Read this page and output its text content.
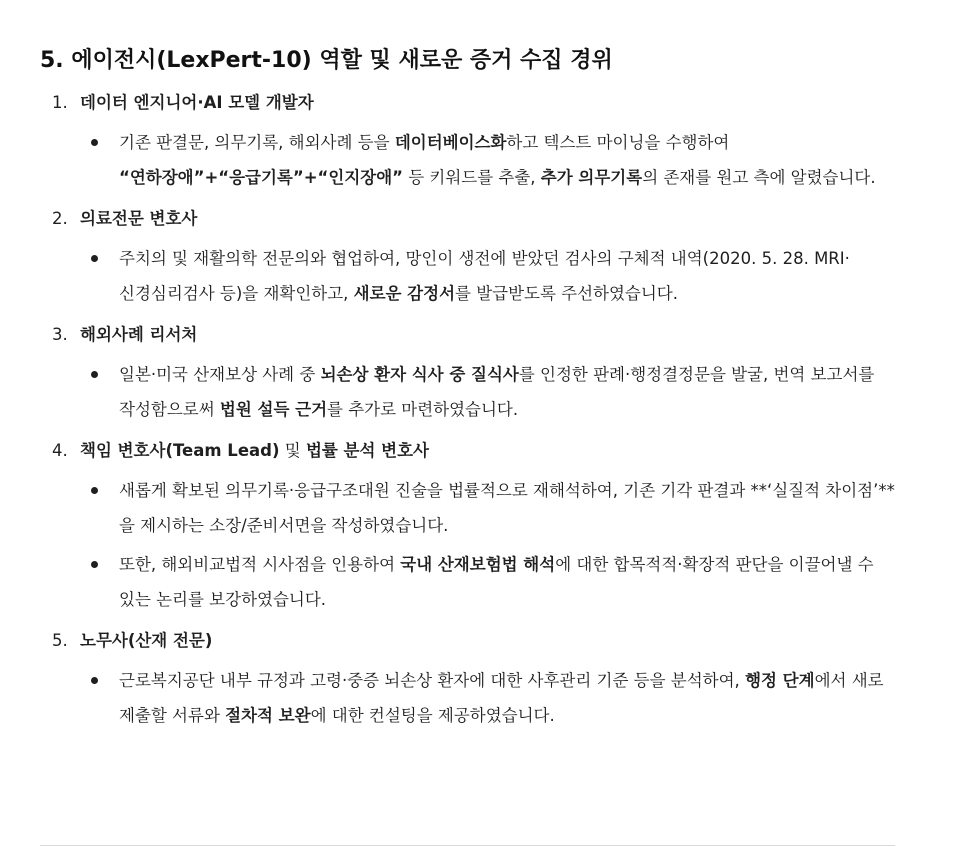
5. 에이전시(LexPert-10) 역할 및 새로운 증거 수집 경위
1. 데이터 엔지니어·AI 모델 개발자
기존 판결문, 의무기록, 해외사례 등을 데이터베이스화하고 텍스트 마이닝을 수행하여 “연하장애”+“응급기록”+“인지장애” 등 키워드를 추출, 추가 의무기록의 존재를 원고 측에 알렸습니다.
2. 의료전문 변호사
주치의 및 재활의학 전문의와 협업하여, 망인이 생전에 받았던 검사의 구체적 내역(2020. 5. 28. MRI·신경심리검사 등)을 재확인하고, 새로운 감정서를 발급받도록 주선하였습니다.
3. 해외사례 리서처
일본·미국 산재보상 사례 중 뇌손상 환자 식사 중 질식사를 인정한 판례·행정결정문을 발굴, 번역 보고서를 작성함으로써 법원 설득 근거를 추가로 마련하였습니다.
4. 책임 변호사(Team Lead) 및 법률 분석 변호사
새롭게 확보된 의무기록·응급구조대원 진술을 법률적으로 재해석하여, 기존 기각 판결과 **‘실질적 차이점’**을 제시하는 소장/준비서면을 작성하였습니다.
또한, 해외비교법적 시사점을 인용하여 국내 산재보험법 해석에 대한 합목적적·확장적 판단을 이끌어낼 수 있는 논리를 보강하였습니다.
5. 노무사(산재 전문)
근로복지공단 내부 규정과 고령·중증 뇌손상 환자에 대한 사후관리 기준 등을 분석하여, 행정 단계에서 새로 제출할 서류와 절차적 보완에 대한 컨설팅을 제공하였습니다.
